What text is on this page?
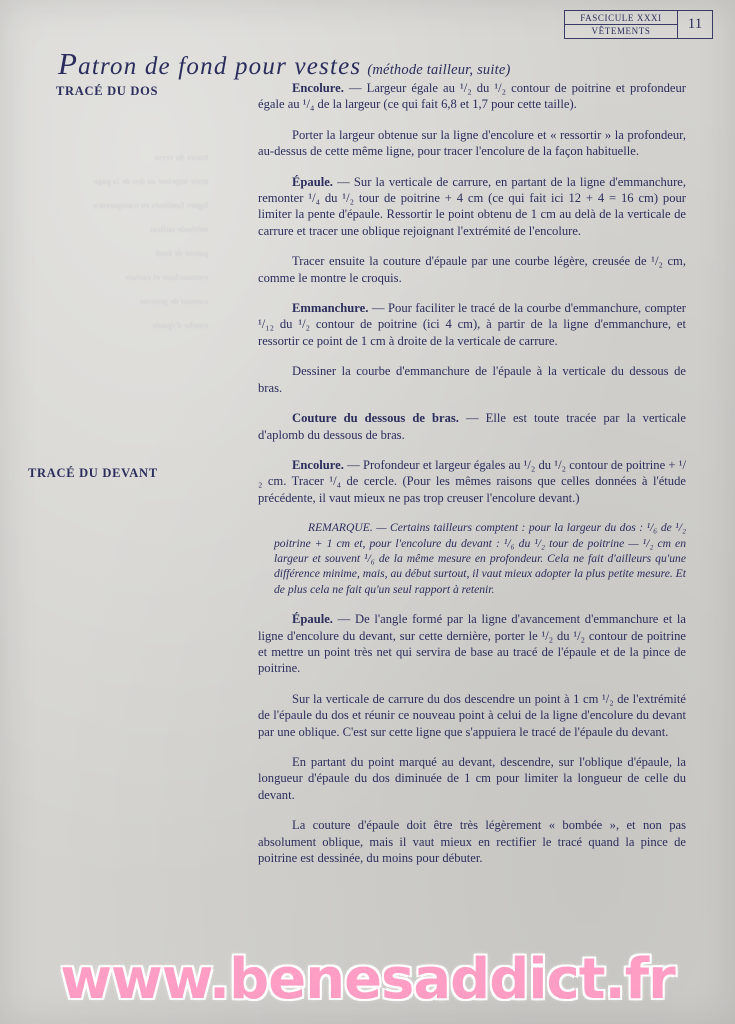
traces du verso
texte imprimé au dos de la page
lignes fantômes en transparence
méthode tailleur
patron de fond
emmanchure et carrure
contour de poitrine
courbe d'épaule
FASCICULE XXXI
VÊTEMENTS	11
Patron de fond pour vestes (méthode tailleur, suite)
TRACÉ DU DOS
TRACÉ DU DEVANT

Encolure. — Largeur égale au ¹/₂ du ¹/₂ contour de poitrine et profondeur égale au ¹/₄ de la largeur (ce qui fait 6,8 et 1,7 pour cette taille).

Porter la largeur obtenue sur la ligne d'encolure et « ressortir » la profondeur, au-dessus de cette même ligne, pour tracer l'encolure de la façon habituelle.

Épaule. — Sur la verticale de carrure, en partant de la ligne d'emmanchure, remonter ¹/₄ du ¹/₂ tour de poitrine + 4 cm (ce qui fait ici 12 + 4 = 16 cm) pour limiter la pente d'épaule. Ressortir le point obtenu de 1 cm au delà de la verticale de carrure et tracer une oblique rejoignant l'extrémité de l'encolure.

Tracer ensuite la couture d'épaule par une courbe légère, creusée de ¹/₂ cm, comme le montre le croquis.

Emmanchure. — Pour faciliter le tracé de la courbe d'emmanchure, compter ¹/₁₂ du ¹/₂ contour de poitrine (ici 4 cm), à partir de la ligne d'emmanchure, et ressortir ce point de 1 cm à droite de la verticale de carrure.

Dessiner la courbe d'emmanchure de l'épaule à la verticale du dessous de bras.

Couture du dessous de bras. — Elle est toute tracée par la verticale d'aplomb du dessous de bras.

Encolure. — Profondeur et largeur égales au ¹/₂ du ¹/₂ contour de poitrine + ¹/₂ cm. Tracer ¹/₄ de cercle. (Pour les mêmes raisons que celles données à l'étude précédente, il vaut mieux ne pas trop creuser l'encolure devant.)

REMARQUE. — Certains tailleurs comptent : pour la largeur du dos : ¹/₆ de ¹/₂ poitrine + 1 cm et, pour l'encolure du devant : ¹/₆ du ¹/₂ tour de poitrine — ¹/₂ cm en largeur et souvent ¹/₆ de la même mesure en profondeur. Cela ne fait d'ailleurs qu'une différence minime, mais, au début surtout, il vaut mieux adopter la plus petite mesure. Et de plus cela ne fait qu'un seul rapport à retenir.

Épaule. — De l'angle formé par la ligne d'avancement d'emmanchure et la ligne d'encolure du devant, sur cette dernière, porter le ¹/₂ du ¹/₂ contour de poitrine et mettre un point très net qui servira de base au tracé de l'épaule et de la pince de poitrine.

Sur la verticale de carrure du dos descendre un point à 1 cm ¹/₂ de l'extrémité de l'épaule du dos et réunir ce nouveau point à celui de la ligne d'encolure du devant par une oblique. C'est sur cette ligne que s'appuiera le tracé de l'épaule du devant.

En partant du point marqué au devant, descendre, sur l'oblique d'épaule, la longueur d'épaule du dos diminuée de 1 cm pour limiter la longueur de celle du devant.

La couture d'épaule doit être très légèrement « bombée », et non pas absolument oblique, mais il vaut mieux en rectifier le tracé quand la pince de poitrine est dessinée, du moins pour débuter.

www.benesaddict.fr
